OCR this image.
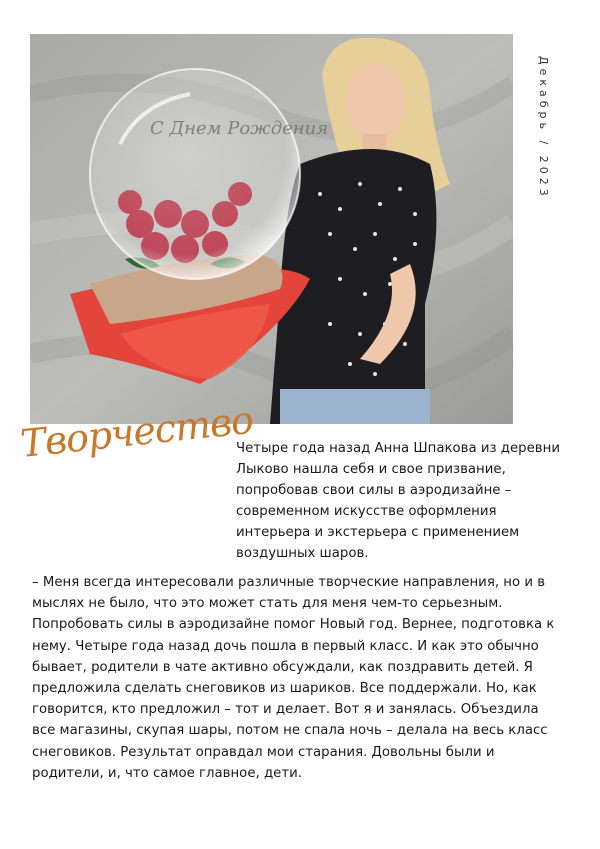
С Днем Рождения	Декабрь / 2023
Творчество
Четыре года назад Анна Шпакова из деревни Лыково нашла себя и свое призвание, попробовав свои силы в аэродизайне – современном искусстве оформления интерьера и экстерьера с применением воздушных шаров.
– Меня всегда интересовали различные творческие направления, но и в мыслях не было, что это может стать для меня чем-то серьезным. Попробовать силы в аэродизайне помог Новый год. Вернее, подготовка к нему. Четыре года назад дочь пошла в первый класс. И как это обычно бывает, родители в чате активно обсуждали, как поздравить детей. Я предложила сделать снеговиков из шариков. Все поддержали. Но, как говорится, кто предложил – тот и делает. Вот я и занялась. Объездила все магазины, скупая шары, потом не спала ночь – делала на весь класс снеговиков. Результат оправдал мои старания. Довольны были и родители, и, что самое главное, дети.
